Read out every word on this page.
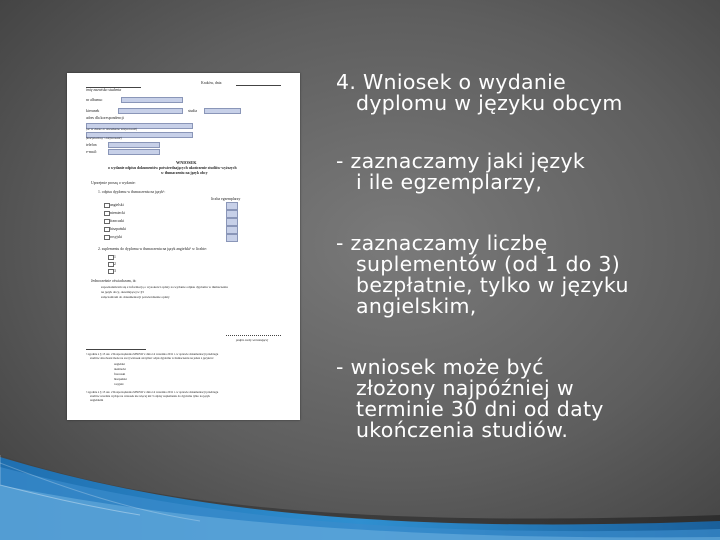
Kraków, dnia
imię nazwisko studenta
nr albumu:
kierunek	studia
adres dla korespondencji
(ul/ nr domu/ nr mieszkania/ miejscowość)
(kod pocztowy / miejscowość)
telefon
e-mail:
WNIOSEK
o wydanie odpisu dokumentów potwierdzających ukończenie studiów wyższych
w tłumaczeniu na język obcy
Uprzejmie proszę o wydanie:
1. odpisu dyplomu w tłumaczeniu na język¹:
liczba egzemplarzy
angielski
niemiecki
francuski
hiszpański
rosyjski
2. suplementu do dyplomu w tłumaczeniu na język angielski² w liczbie:
1
2
3
Jednocześnie oświadczam, iż:
zapoznałem/am się z informacją o wysokości opłaty za wydanie odpisu dyplomu w tłumaczeniu
na język obcy, określającej w §3
załączam/am do dokumentacji potwierdzenie opłaty
podpis osoby wnioskującej
¹ zgodnie z § 13 ust. 2 Rozporządzenia MNiSW z dnia 14 września 2011 r. w sprawie dokumentacji przebiegu
studiów absolwent może na swój wniosek otrzymać odpis dyplomu w tłumaczeniu na jeden z języków:
angielski
niemiecki
francuski
hiszpański
rosyjski
² zgodnie z § 13 ust. 2 Rozporządzenia MNiSW z dnia 14 września 2011 r. w sprawie dokumentacji przebiegu
studiów uczelnia wydaje na wniosek nie więcej niż 3 odpisy suplementu do dyplomu tylko na język
angielskim
4. Wniosek o wydanie
dyplomu w języku obcym
- zaznaczamy jaki język
i ile egzemplarzy,
- zaznaczamy liczbę
suplementów (od 1 do 3)
bezpłatnie, tylko w języku
angielskim,
- wniosek może być
złożony najpóźniej w
terminie 30 dni od daty
ukończenia studiów.
